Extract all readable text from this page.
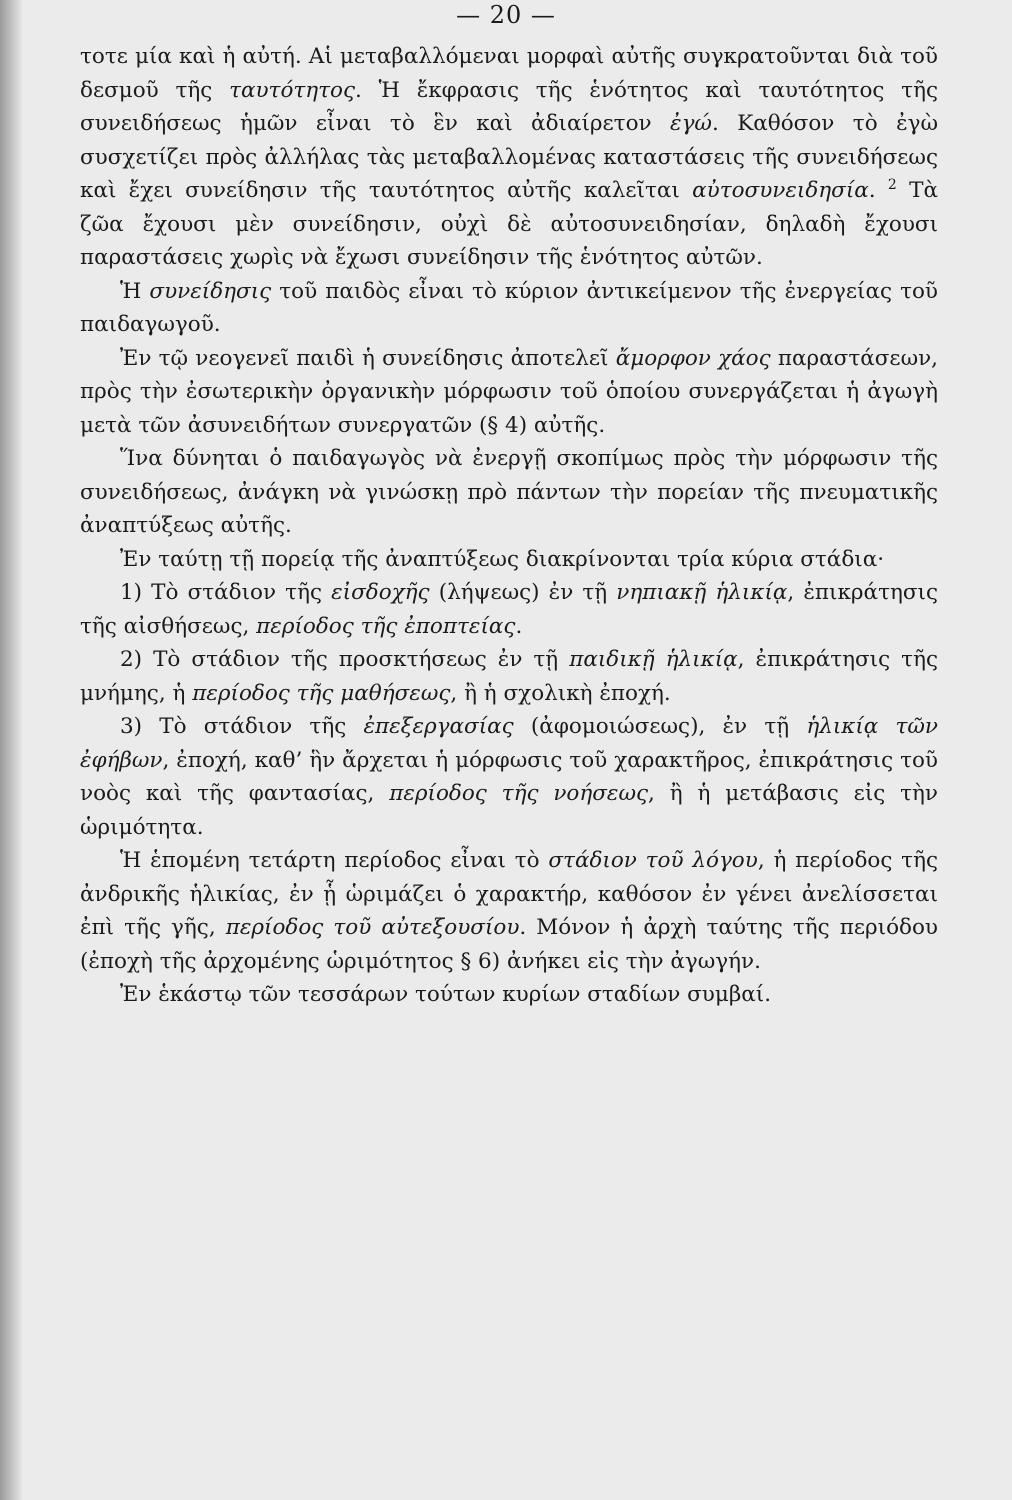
— 20 —

τοτε μία καὶ ἡ αὐτή. Αἱ μεταβαλλόμεναι μορφαὶ αὐτῆς συγκρατοῦνται διὰ τοῦ δεσμοῦ τῆς ταυτότητος. Ἡ ἔκφρασις τῆς ἑνότητος καὶ ταυτότητος τῆς συνειδήσεως ἡμῶν εἶναι τὸ ἓν καὶ ἀδιαίρετον ἐγώ. Καθόσον τὸ ἐγὼ συσχετίζει πρὸς ἀλλήλας τὰς μεταβαλλομένας καταστάσεις τῆς συνειδήσεως καὶ ἔχει συνείδησιν τῆς ταυτότητος αὐτῆς καλεῖται αὐτοσυνειδησία. $^2$ Τὰ ζῶα ἔχουσι μὲν συνείδησιν, οὐχὶ δὲ αὐτοσυνειδησίαν, δηλαδὴ ἔχουσι παραστάσεις χωρὶς νὰ ἔχωσι συνείδησιν τῆς ἑνότητος αὐτῶν.

Ἡ συνείδησις τοῦ παιδὸς εἶναι τὸ κύριον ἀντικείμενον τῆς ἐνεργείας τοῦ παιδαγωγοῦ.

Ἐν τῷ νεογενεῖ παιδὶ ἡ συνείδησις ἀποτελεῖ ἄμορφον χάος παραστάσεων, πρὸς τὴν ἐσωτερικὴν ὀργανικὴν μόρφωσιν τοῦ ὁποίου συνεργάζεται ἡ ἀγωγὴ μετὰ τῶν ἀσυνειδήτων συνεργατῶν (§ 4) αὐτῆς.

Ἵνα δύνηται ὁ παιδαγωγὸς νὰ ἐνεργῇ σκοπίμως πρὸς τὴν μόρφωσιν τῆς συνειδήσεως, ἀνάγκη νὰ γινώσκῃ πρὸ πάντων τὴν πορείαν τῆς πνευματικῆς ἀναπτύξεως αὐτῆς.

Ἐν ταύτῃ τῇ πορείᾳ τῆς ἀναπτύξεως διακρίνονται τρία κύρια στάδια·

1) Τὸ στάδιον τῆς εἰσδοχῆς (λήψεως) ἐν τῇ νηπιακῇ ἡλικίᾳ, ἐπικράτησις τῆς αἰσθήσεως, περίοδος τῆς ἐποπτείας.

2) Τὸ στάδιον τῆς προσκτήσεως ἐν τῇ παιδικῇ ἡλικίᾳ, ἐπικράτησις τῆς μνήμης, ἡ περίοδος τῆς μαθήσεως, ἢ ἡ σχολικὴ ἐποχή.

3) Τὸ στάδιον τῆς ἐπεξεργασίας (ἀφομοιώσεως), ἐν τῇ ἡλικίᾳ τῶν ἐφήβων, ἐποχή, καθ’ ἣν ἄρχεται ἡ μόρφωσις τοῦ χαρακτῆρος, ἐπικράτησις τοῦ νοὸς καὶ τῆς φαντασίας, περίοδος τῆς νοήσεως, ἢ ἡ μετάβασις εἰς τὴν ὡριμότητα.

Ἡ ἑπομένη τετάρτη περίοδος εἶναι τὸ στάδιον τοῦ λόγου, ἡ περίοδος τῆς ἀνδρικῆς ἡλικίας, ἐν ᾗ ὡριμάζει ὁ χαρακτήρ, καθόσον ἐν γένει ἀνελίσσεται ἐπὶ τῆς γῆς, περίοδος τοῦ αὐτεξουσίου. Μόνον ἡ ἀρχὴ ταύτης τῆς περιόδου (ἐποχὴ τῆς ἀρχομένης ὡριμότητος § 6) ἀνήκει εἰς τὴν ἀγωγήν.

Ἐν ἑκάστῳ τῶν τεσσάρων τούτων κυρίων σταδίων συμβαί.
